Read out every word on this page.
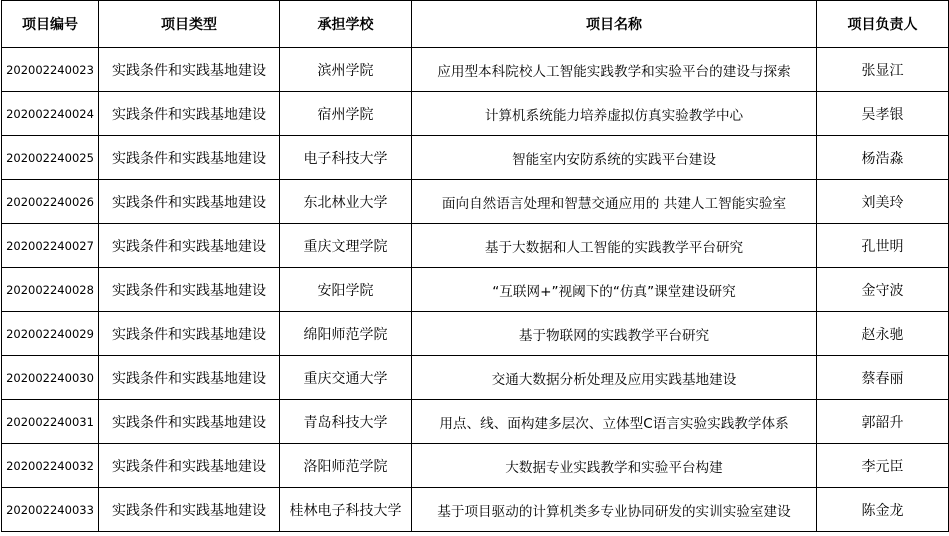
项目编号	项目类型	承担学校	项目名称	项目负责人
202002240023	实践条件和实践基地建设	滨州学院	应用型本科院校人工智能实践教学和实验平台的建设与探索	张显江
202002240024	实践条件和实践基地建设	宿州学院	计算机系统能力培养虚拟仿真实验教学中心	吴孝银
202002240025	实践条件和实践基地建设	电子科技大学	智能室内安防系统的实践平台建设	杨浩淼
202002240026	实践条件和实践基地建设	东北林业大学	面向自然语言处理和智慧交通应用的 共建人工智能实验室	刘美玲
202002240027	实践条件和实践基地建设	重庆文理学院	基于大数据和人工智能的实践教学平台研究	孔世明
202002240028	实践条件和实践基地建设	安阳学院	“互联网+”视阈下的“仿真”课堂建设研究	金守波
202002240029	实践条件和实践基地建设	绵阳师范学院	基于物联网的实践教学平台研究	赵永驰
202002240030	实践条件和实践基地建设	重庆交通大学	交通大数据分析处理及应用实践基地建设	蔡春丽
202002240031	实践条件和实践基地建设	青岛科技大学	用点、线、面构建多层次、立体型C语言实验实践教学体系	郭韶升
202002240032	实践条件和实践基地建设	洛阳师范学院	大数据专业实践教学和实验平台构建	李元臣
202002240033	实践条件和实践基地建设	桂林电子科技大学	基于项目驱动的计算机类多专业协同研发的实训实验室建设	陈金龙
